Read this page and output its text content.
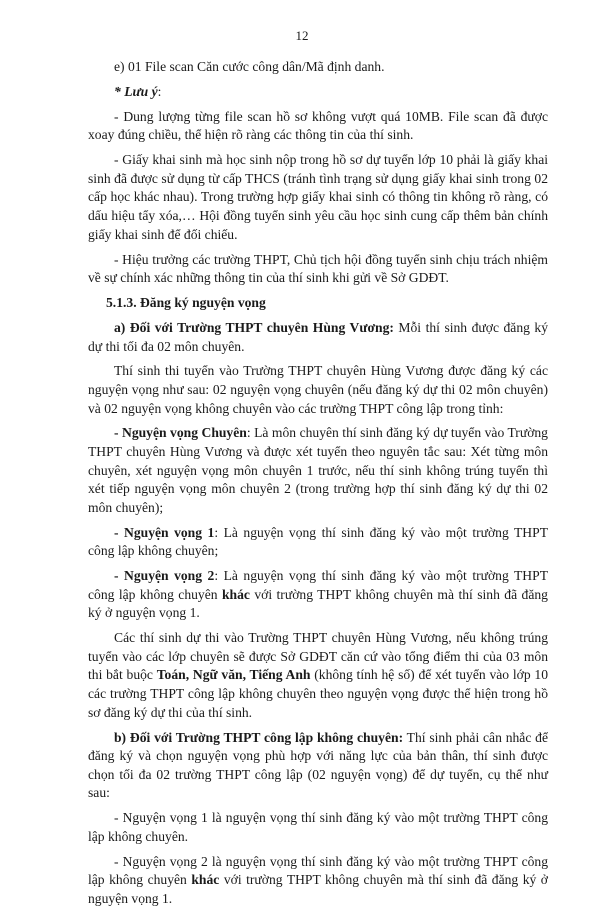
12

e) 01 File scan Căn cước công dân/Mã định danh.

* Lưu ý:

- Dung lượng từng file scan hồ sơ không vượt quá 10MB. File scan đã được xoay đúng chiều, thể hiện rõ ràng các thông tin của thí sinh.

- Giấy khai sinh mà học sinh nộp trong hồ sơ dự tuyển lớp 10 phải là giấy khai sinh đã được sử dụng từ cấp THCS (tránh tình trạng sử dụng giấy khai sinh trong 02 cấp học khác nhau). Trong trường hợp giấy khai sinh có thông tin không rõ ràng, có dấu hiệu tẩy xóa,… Hội đồng tuyển sinh yêu cầu học sinh cung cấp thêm bản chính giấy khai sinh để đối chiếu.

- Hiệu trưởng các trường THPT, Chủ tịch hội đồng tuyển sinh chịu trách nhiệm về sự chính xác những thông tin của thí sinh khi gửi về Sở GDĐT.

5.1.3. Đăng ký nguyện vọng

a) Đối với Trường THPT chuyên Hùng Vương: Mỗi thí sinh được đăng ký dự thi tối đa 02 môn chuyên.

Thí sinh thi tuyển vào Trường THPT chuyên Hùng Vương được đăng ký các nguyện vọng như sau: 02 nguyện vọng chuyên (nếu đăng ký dự thi 02 môn chuyên) và 02 nguyện vọng không chuyên vào các trường THPT công lập trong tỉnh:

- Nguyện vọng Chuyên: Là môn chuyên thí sinh đăng ký dự tuyển vào Trường THPT chuyên Hùng Vương và được xét tuyển theo nguyên tắc sau: Xét từng môn chuyên, xét nguyện vọng môn chuyên 1 trước, nếu thí sinh không trúng tuyển thì xét tiếp nguyện vọng môn chuyên 2 (trong trường hợp thí sinh đăng ký dự thi 02 môn chuyên);

- Nguyện vọng 1: Là nguyện vọng thí sinh đăng ký vào một trường THPT công lập không chuyên;

- Nguyện vọng 2: Là nguyện vọng thí sinh đăng ký vào một trường THPT công lập không chuyên khác với trường THPT không chuyên mà thí sinh đã đăng ký ở nguyện vọng 1.

Các thí sinh dự thi vào Trường THPT chuyên Hùng Vương, nếu không trúng tuyển vào các lớp chuyên sẽ được Sở GDĐT căn cứ vào tổng điểm thi của 03 môn thi bắt buộc Toán, Ngữ văn, Tiếng Anh (không tính hệ số) để xét tuyển vào lớp 10 các trường THPT công lập không chuyên theo nguyện vọng được thể hiện trong hồ sơ đăng ký dự thi của thí sinh.

b) Đối với Trường THPT công lập không chuyên: Thí sinh phải cân nhắc để đăng ký và chọn nguyện vọng phù hợp với năng lực của bản thân, thí sinh được chọn tối đa 02 trường THPT công lập (02 nguyện vọng) để dự tuyển, cụ thể như sau:

- Nguyện vọng 1 là nguyện vọng thí sinh đăng ký vào một trường THPT công lập không chuyên.

- Nguyện vọng 2 là nguyện vọng thí sinh đăng ký vào một trường THPT công lập không chuyên khác với trường THPT không chuyên mà thí sinh đã đăng ký ở nguyện vọng 1.
